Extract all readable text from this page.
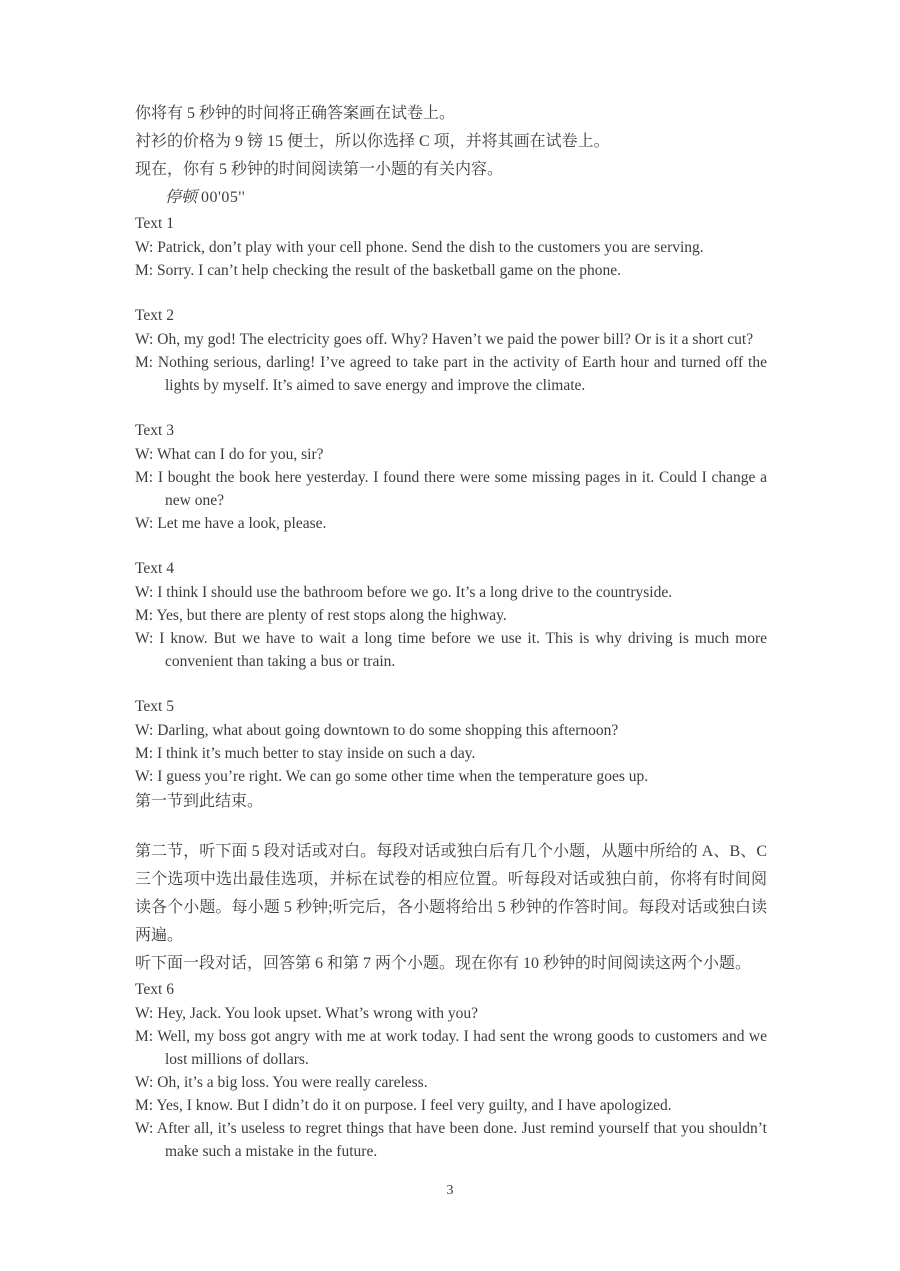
你将有 5 秒钟的时间将正确答案画在试卷上。

衬衫的价格为 9 镑 15 便士，所以你选择 C 项，并将其画在试卷上。

现在，你有 5 秒钟的时间阅读第一小题的有关内容。

停顿 00'05''

Text 1

W: Patrick, don’t play with your cell phone. Send the dish to the customers you are serving.

M: Sorry. I can’t help checking the result of the basketball game on the phone.

Text 2

W: Oh, my god! The electricity goes off. Why? Haven’t we paid the power bill? Or is it a short cut?

M: Nothing serious, darling! I’ve agreed to take part in the activity of Earth hour and turned off the lights by myself. It’s aimed to save energy and improve the climate.

Text 3

W: What can I do for you, sir?

M: I bought the book here yesterday. I found there were some missing pages in it. Could I change a new one?

W: Let me have a look, please.

Text 4

W: I think I should use the bathroom before we go. It’s a long drive to the countryside.

M: Yes, but there are plenty of rest stops along the highway.

W: I know. But we have to wait a long time before we use it. This is why driving is much more convenient than taking a bus or train.

Text 5

W: Darling, what about going downtown to do some shopping this afternoon?

M: I think it’s much better to stay inside on such a day.

W: I guess you’re right. We can go some other time when the temperature goes up.

第一节到此结束。

第二节，听下面 5 段对话或对白。每段对话或独白后有几个小题，从题中所给的 A、B、C 三个选项中选出最佳选项，并标在试卷的相应位置。听每段对话或独白前，你将有时间阅读各个小题。每小题 5 秒钟;听完后，各小题将给出 5 秒钟的作答时间。每段对话或独白读两遍。

听下面一段对话，回答第 6 和第 7 两个小题。现在你有 10 秒钟的时间阅读这两个小题。

Text 6

W: Hey, Jack. You look upset. What’s wrong with you?

M: Well, my boss got angry with me at work today. I had sent the wrong goods to customers and we lost millions of dollars.

W: Oh, it’s a big loss. You were really careless.

M: Yes, I know. But I didn’t do it on purpose. I feel very guilty, and I have apologized.

W: After all, it’s useless to regret things that have been done. Just remind yourself that you shouldn’t make such a mistake in the future.

3
